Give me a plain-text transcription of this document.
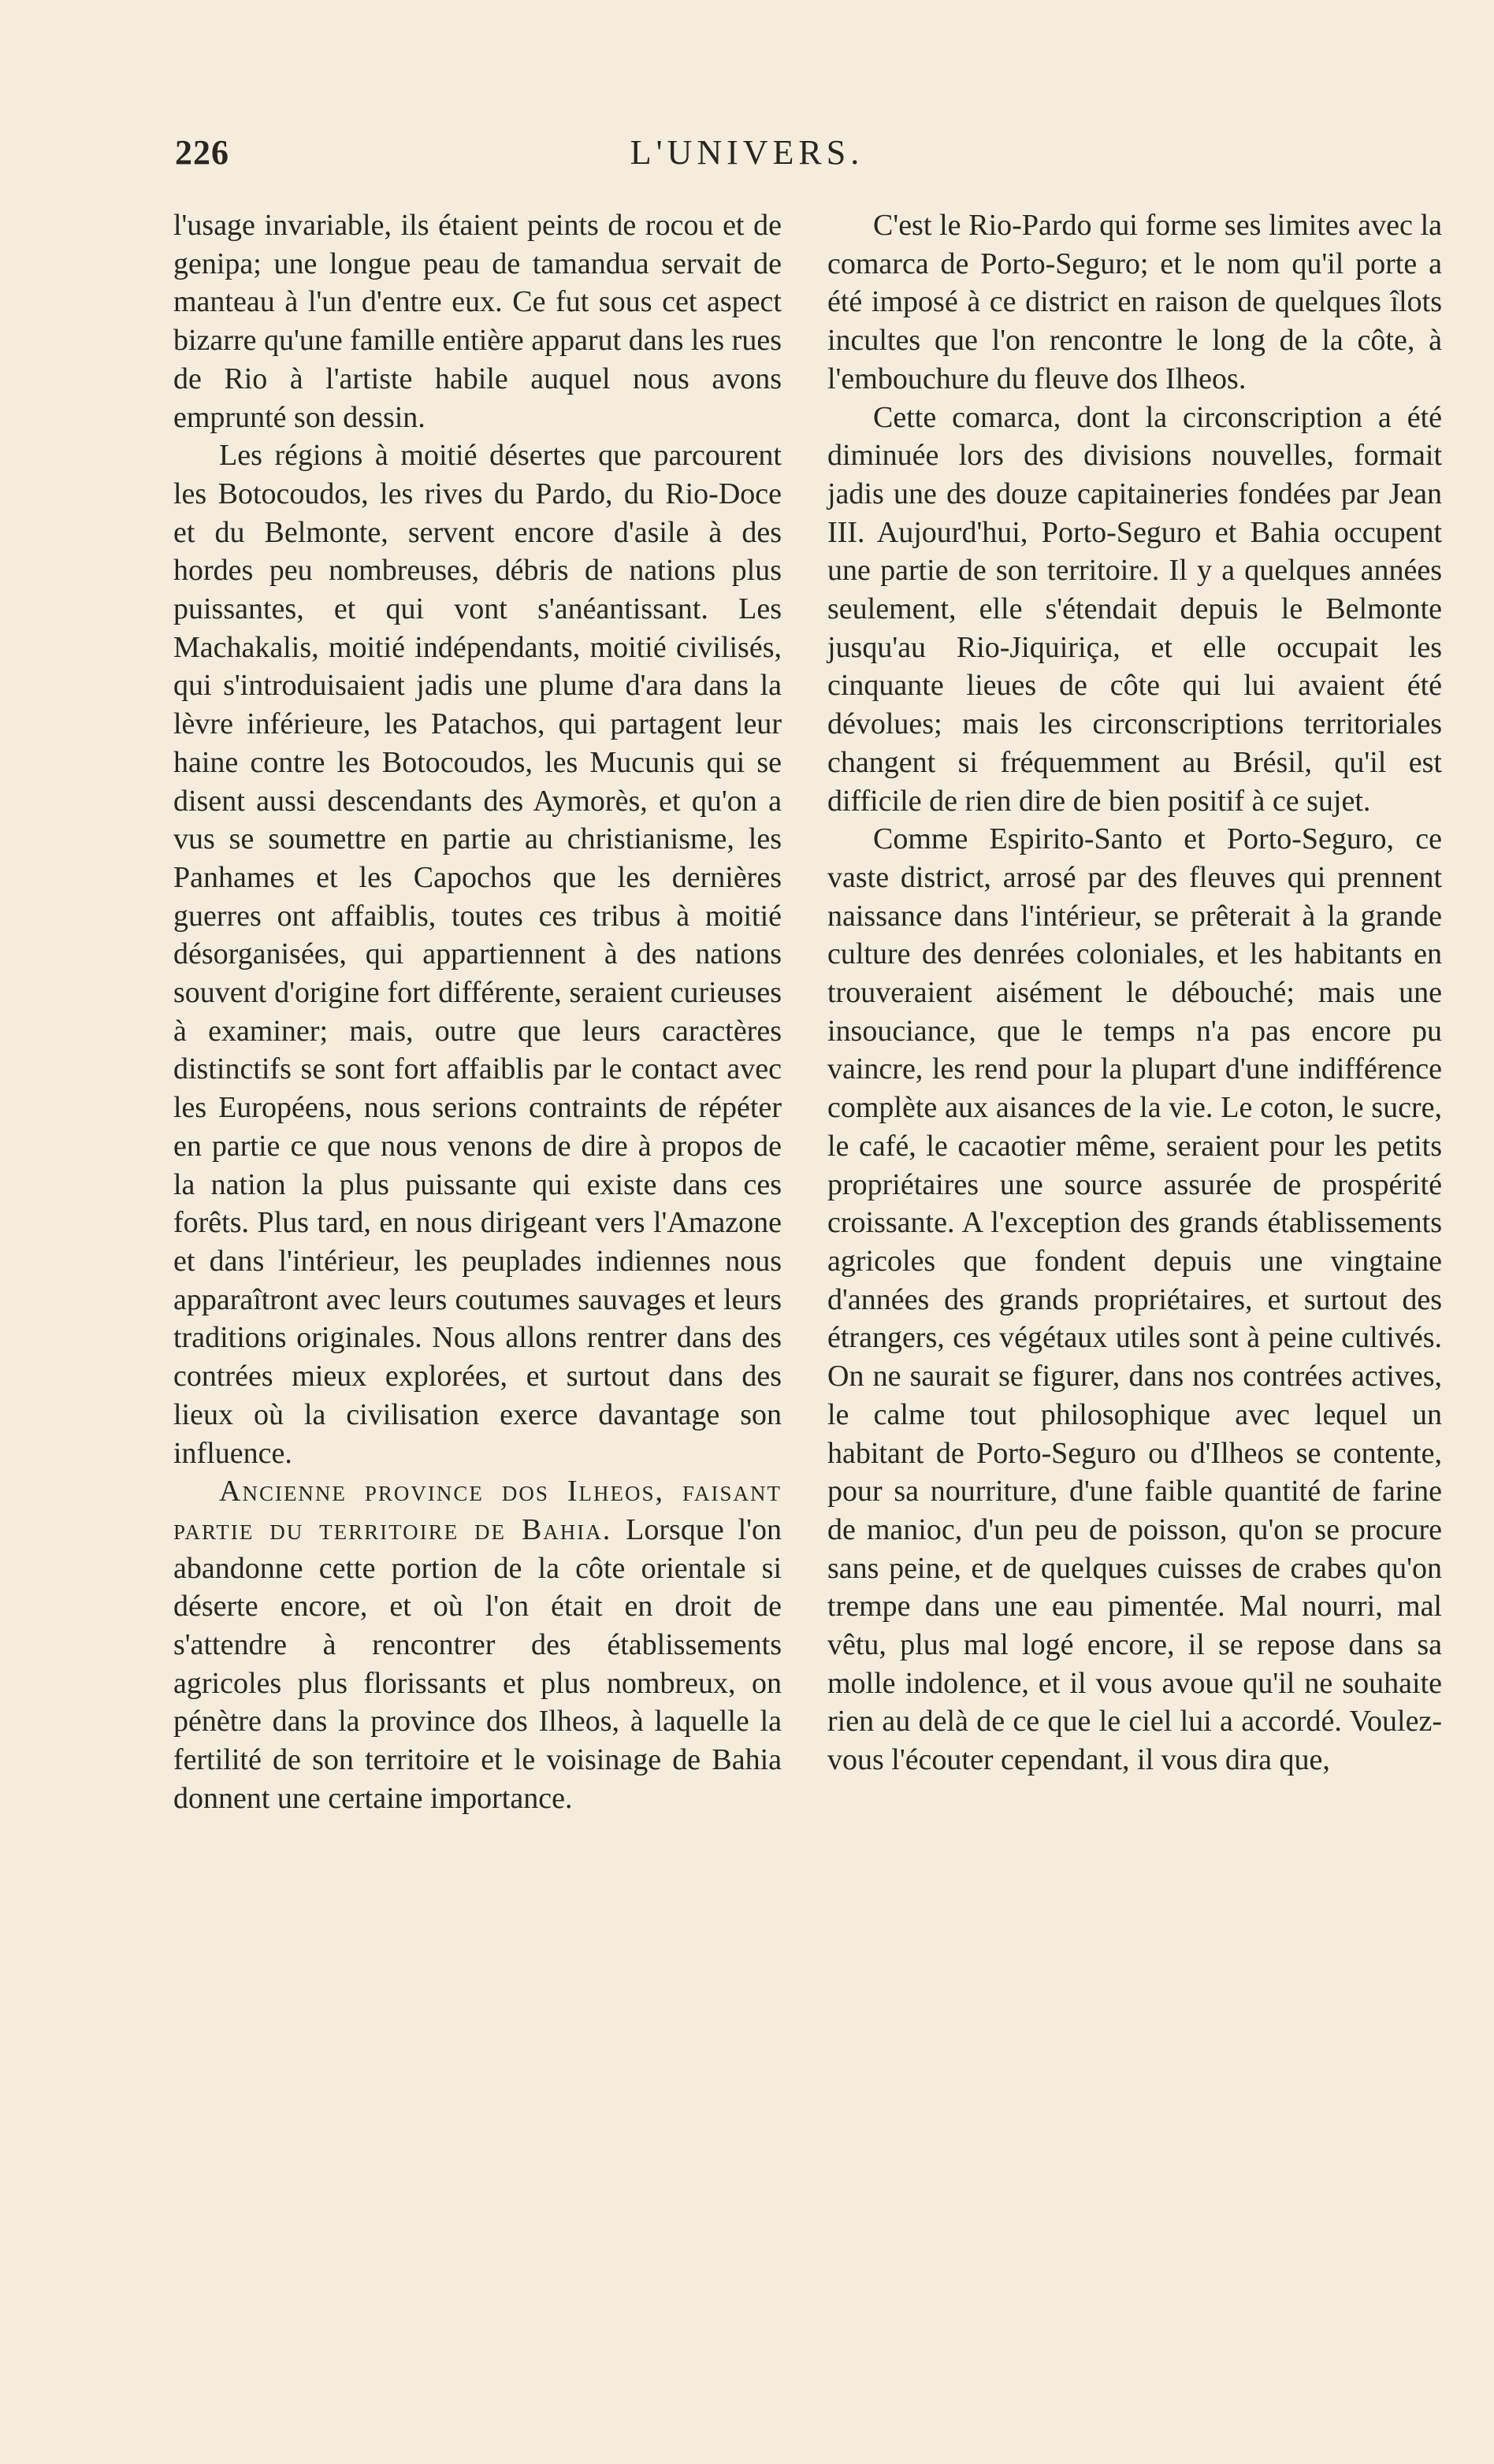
226	L'UNIVERS.

l'usage invariable, ils étaient peints de rocou et de genipa; une longue peau de tamandua servait de manteau à l'un d'entre eux. Ce fut sous cet aspect bizarre qu'une famille entière apparut dans les rues de Rio à l'artiste habile auquel nous avons emprunté son dessin.

Les régions à moitié désertes que parcourent les Botocoudos, les rives du Pardo, du Rio-Doce et du Belmonte, servent encore d'asile à des hordes peu nombreuses, débris de nations plus puissantes, et qui vont s'anéantissant. Les Machakalis, moitié indépendants, moitié civilisés, qui s'introduisaient jadis une plume d'ara dans la lèvre inférieure, les Patachos, qui partagent leur haine contre les Botocoudos, les Mucunis qui se disent aussi descendants des Aymorès, et qu'on a vus se soumettre en partie au christianisme, les Panhames et les Capochos que les dernières guerres ont affaiblis, toutes ces tribus à moitié désorganisées, qui appartiennent à des nations souvent d'origine fort différente, seraient curieuses à examiner; mais, outre que leurs caractères distinctifs se sont fort affaiblis par le contact avec les Européens, nous serions contraints de répéter en partie ce que nous venons de dire à propos de la nation la plus puissante qui existe dans ces forêts. Plus tard, en nous dirigeant vers l'Amazone et dans l'intérieur, les peuplades indiennes nous apparaîtront avec leurs coutumes sauvages et leurs traditions originales. Nous allons rentrer dans des contrées mieux explorées, et surtout dans des lieux où la civilisation exerce davantage son influence.

Ancienne province dos Ilheos, faisant partie du territoire de Bahia. Lorsque l'on abandonne cette portion de la côte orientale si déserte encore, et où l'on était en droit de s'attendre à rencontrer des établissements agricoles plus florissants et plus nombreux, on pénètre dans la province dos Ilheos, à laquelle la fertilité de son territoire et le voisinage de Bahia donnent une certaine importance.

C'est le Rio-Pardo qui forme ses limites avec la comarca de Porto-Seguro; et le nom qu'il porte a été imposé à ce district en raison de quelques îlots incultes que l'on rencontre le long de la côte, à l'embouchure du fleuve dos Ilheos.

Cette comarca, dont la circonscription a été diminuée lors des divisions nouvelles, formait jadis une des douze capitaineries fondées par Jean III. Aujourd'hui, Porto-Seguro et Bahia occupent une partie de son territoire. Il y a quelques années seulement, elle s'étendait depuis le Belmonte jusqu'au Rio-Jiquiriça, et elle occupait les cinquante lieues de côte qui lui avaient été dévolues; mais les circonscriptions territoriales changent si fréquemment au Brésil, qu'il est difficile de rien dire de bien positif à ce sujet.

Comme Espirito-Santo et Porto-Seguro, ce vaste district, arrosé par des fleuves qui prennent naissance dans l'intérieur, se prêterait à la grande culture des denrées coloniales, et les habitants en trouveraient aisément le débouché; mais une insouciance, que le temps n'a pas encore pu vaincre, les rend pour la plupart d'une indifférence complète aux aisances de la vie. Le coton, le sucre, le café, le cacaotier même, seraient pour les petits propriétaires une source assurée de prospérité croissante. A l'exception des grands établissements agricoles que fondent depuis une vingtaine d'années des grands propriétaires, et surtout des étrangers, ces végétaux utiles sont à peine cultivés. On ne saurait se figurer, dans nos contrées actives, le calme tout philosophique avec lequel un habitant de Porto-Seguro ou d'Ilheos se contente, pour sa nourriture, d'une faible quantité de farine de manioc, d'un peu de poisson, qu'on se procure sans peine, et de quelques cuisses de crabes qu'on trempe dans une eau pimentée. Mal nourri, mal vêtu, plus mal logé encore, il se repose dans sa molle indolence, et il vous avoue qu'il ne souhaite rien au delà de ce que le ciel lui a accordé. Voulez-vous l'écouter cependant, il vous dira que,
